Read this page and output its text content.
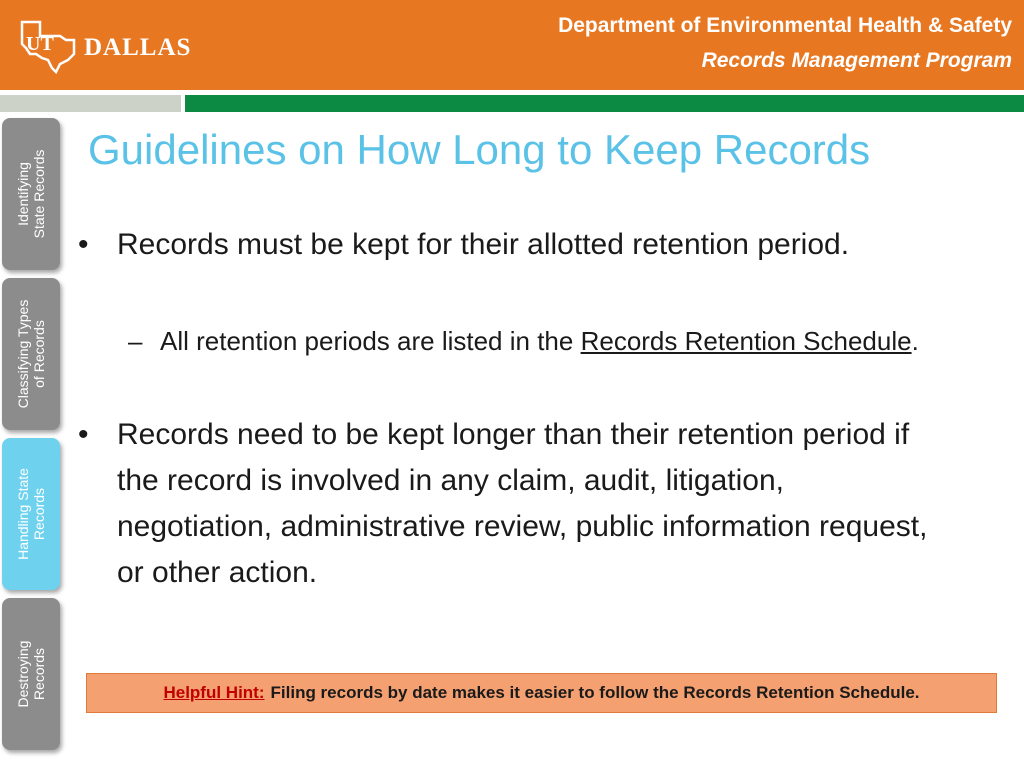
UT DALLAS
Department of Environmental Health & Safety
Records Management Program
Identifying State Records
Classifying Types of Records
Handling State Records
Destroying Records
Guidelines on How Long to Keep Records
• Records must be kept for their allotted retention period.
– All retention periods are listed in the Records Retention Schedule.
• Records need to be kept longer than their retention period if the record is involved in any claim, audit, litigation, negotiation, administrative review, public information request, or other action.
Helpful Hint: Filing records by date makes it easier to follow the Records Retention Schedule.
